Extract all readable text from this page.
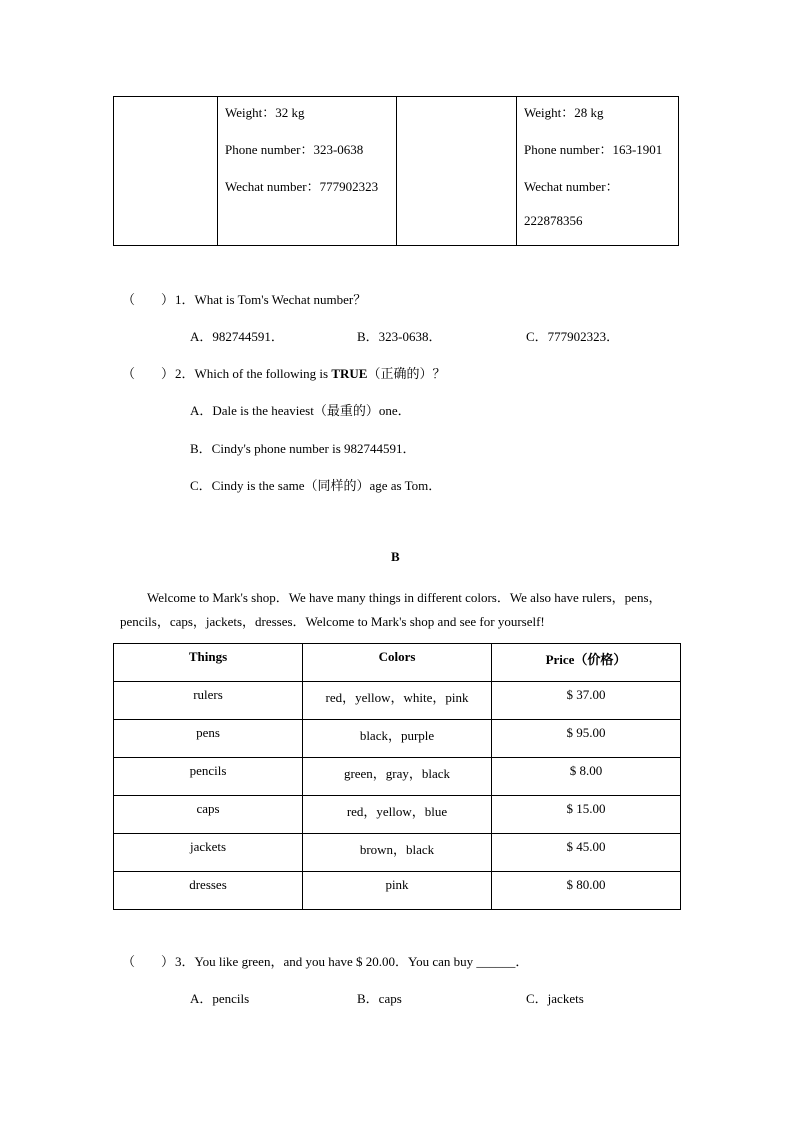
Weight：32 kg
Phone number：323-0638
Wechat number：777902323

Weight：28 kg
Phone number：163-1901
Wechat number：
222878356
（　　） 1．What is Tom's Wechat number？
A．982744591．	B．323-0638．	C．777902323．
（　　） 2．Which of the following is TRUE（正确的）？
A．Dale is the heaviest（最重的）one．
B．Cindy's phone number is 982744591．
C．Cindy is the same（同样的）age as Tom．
B
Welcome to Mark's shop．We have many things in different colors．We also have rulers，pens，
pencils，caps，jackets，dresses．Welcome to Mark's shop and see for yourself!
Things	Colors	Price（价格）
rulers	red，yellow，white，pink	$ 37.00
pens	black，purple	$ 95.00
pencils	green，gray，black	$ 8.00
caps	red，yellow，blue	$ 15.00
jackets	brown，black	$ 45.00
dresses	pink	$ 80.00
（　　） 3．You like green，and you have $ 20.00．You can buy ______．
A．pencils	B．caps	C．jackets
